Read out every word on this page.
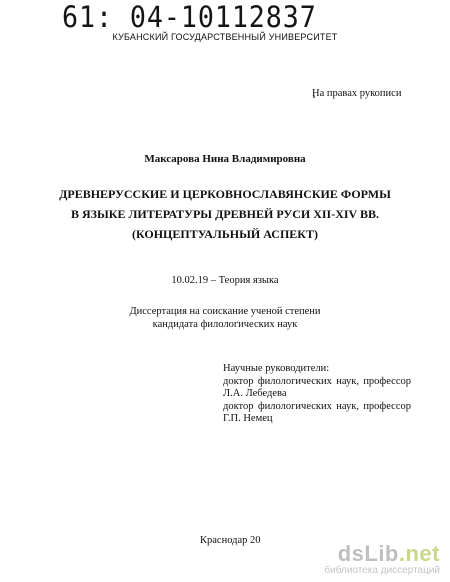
61: 04-10112837
КУБАНСКИЙ ГОСУДАРСТВЕННЫЙ УНИВЕРСИТЕТ
На правах рукописи
Максарова Нина Владимировна
ДРЕВНЕРУССКИЕ И ЦЕРКОВНОСЛАВЯНСКИЕ ФОРМЫ
В ЯЗЫКЕ ЛИТЕРАТУРЫ ДРЕВНЕЙ РУСИ XII-XIV ВВ.
(КОНЦЕПТУАЛЬНЫЙ АСПЕКТ)
10.02.19 – Теория языка
Диссертация на соискание ученой степени
кандидата филологических наук
Научные руководители:
доктор филологических наук, профессор
Л.А. Лебедева
доктор филологических наук, профессор
Г.П. Немец
Краснодар 20
dsLib.net
библиотека диссертаций
